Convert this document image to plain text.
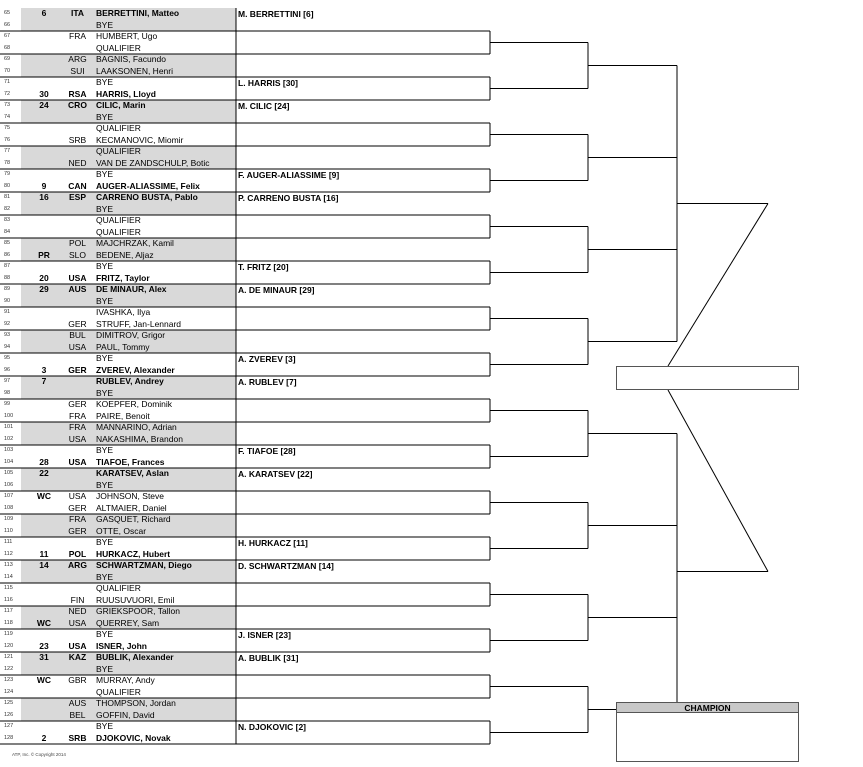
65	6	ITA	BERRETTINI, Matteo
66	BYE
67	FRA	HUMBERT, Ugo
68	QUALIFIER
69	ARG	BAGNIS, Facundo
70	SUI	LAAKSONEN, Henri
71	BYE
72	30	RSA	HARRIS, Lloyd
73	24	CRO	CILIC, Marin
74	BYE
75	QUALIFIER
76	SRB	KECMANOVIC, Miomir
77	QUALIFIER
78	NED	VAN DE ZANDSCHULP, Botic
79	BYE
80	9	CAN	AUGER-ALIASSIME, Felix
81	16	ESP	CARRENO BUSTA, Pablo
82	BYE
83	QUALIFIER
84	QUALIFIER
85	POL	MAJCHRZAK, Kamil
86	PR	SLO	BEDENE, Aljaz
87	BYE
88	20	USA	FRITZ, Taylor
89	29	AUS	DE MINAUR, Alex
90	BYE
91	IVASHKA, Ilya
92	GER	STRUFF, Jan-Lennard
93	BUL	DIMITROV, Grigor
94	USA	PAUL, Tommy
95	BYE
96	3	GER	ZVEREV, Alexander
97	7	RUBLEV, Andrey
98	BYE
99	GER	KOEPFER, Dominik
100	FRA	PAIRE, Benoit
101	FRA	MANNARINO, Adrian
102	USA	NAKASHIMA, Brandon
103	BYE
104	28	USA	TIAFOE, Frances
105	22	KARATSEV, Aslan
106	BYE
107	WC	USA	JOHNSON, Steve
108	GER	ALTMAIER, Daniel
109	FRA	GASQUET, Richard
110	GER	OTTE, Oscar
111	BYE
112	11	POL	HURKACZ, Hubert
113	14	ARG	SCHWARTZMAN, Diego
114	BYE
115	QUALIFIER
116	FIN	RUUSUVUORI, Emil
117	NED	GRIEKSPOOR, Tallon
118	WC	USA	QUERREY, Sam
119	BYE
120	23	USA	ISNER, John
121	31	KAZ	BUBLIK, Alexander
122	BYE
123	WC	GBR	MURRAY, Andy
124	QUALIFIER
125	AUS	THOMPSON, Jordan
126	BEL	GOFFIN, David
127	BYE
128	2	SRB	DJOKOVIC, Novak
M. BERRETTINI [6]
L. HARRIS [30]
M. CILIC [24]
F. AUGER-ALIASSIME [9]
P. CARRENO BUSTA [16]
T. FRITZ [20]
A. DE MINAUR [29]
A. ZVEREV [3]
A. RUBLEV [7]
F. TIAFOE [28]
A. KARATSEV [22]
H. HURKACZ [11]
D. SCHWARTZMAN [14]
J. ISNER [23]
A. BUBLIK [31]
N. DJOKOVIC [2]
CHAMPION
ATP, Inc. © Copyright 2014
